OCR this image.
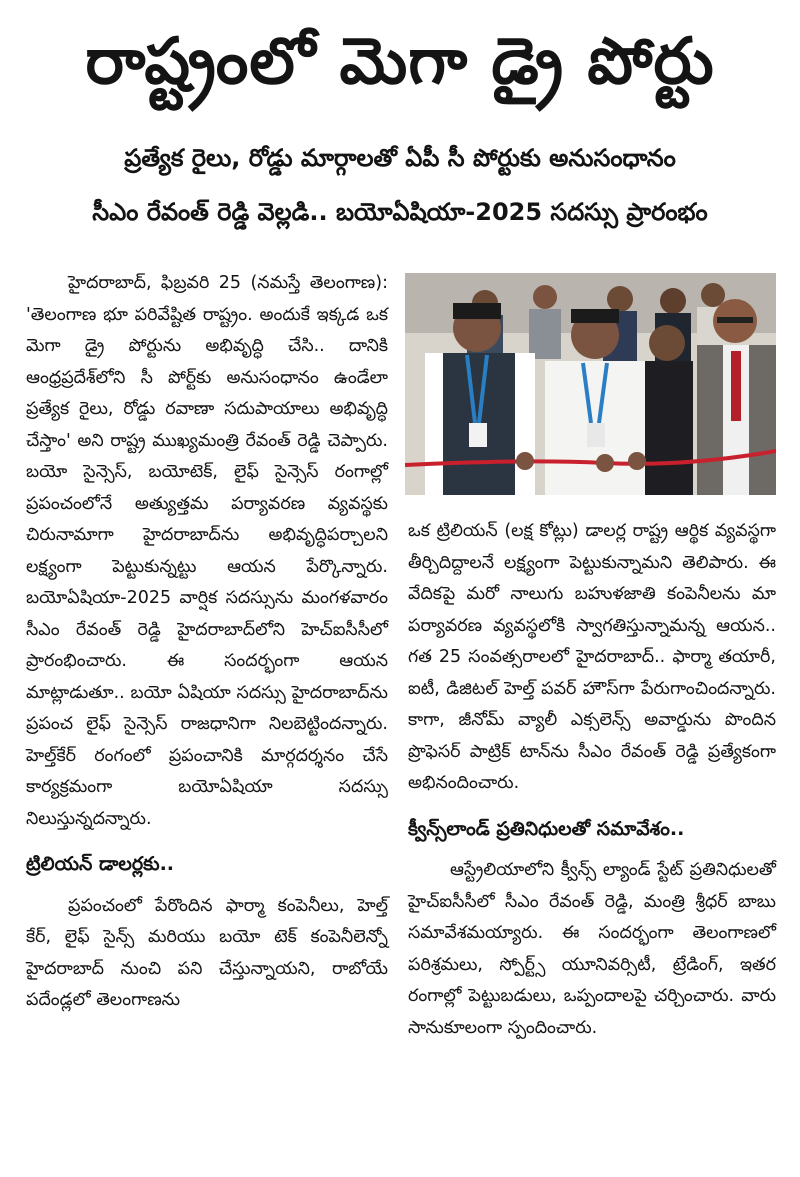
రాష్ట్రంలో మెగా డ్రై పోర్టు
ప్రత్యేక రైలు, రోడ్డు మార్గాలతో ఏపీ సీ పోర్టుకు అనుసంధానం
సీఎం రేవంత్ రెడ్డి వెల్లడి.. బయోఏషియా-2025 సదస్సు ప్రారంభం

హైదరాబాద్, ఫిబ్రవరి 25 (నమస్తే తెలంగాణ): 'తెలంగాణ భూ పరివేష్టిత రాష్ట్రం. అందుకే ఇక్కడ ఒక మెగా డ్రై పోర్టును అభివృద్ధి చేసి.. దానికి ఆంధ్రప్రదేశ్‌లోని సీ పోర్ట్‌కు అనుసంధానం ఉండేలా ప్రత్యేక రైలు, రోడ్డు రవాణా సదుపాయాలు అభివృద్ధి చేస్తాం' అని రాష్ట్ర ముఖ్యమంత్రి రేవంత్ రెడ్డి చెప్పారు. బయో సైన్సెస్, బయోటెక్, లైఫ్ సైన్సెస్ రంగాల్లో ప్రపంచంలోనే అత్యుత్తమ పర్యావరణ వ్యవస్థకు చిరునామాగా హైదరాబాద్‌ను అభివృద్ధిపర్చాలని లక్ష్యంగా పెట్టుకున్నట్టు ఆయన పేర్కొన్నారు. బయోఏషియా-2025 వార్షిక సదస్సును మంగళవారం సీఎం రేవంత్ రెడ్డి హైదరాబాద్‌లోని హెచ్ఐసీసీలో ప్రారంభించారు. ఈ సందర్భంగా ఆయన మాట్లాడుతూ.. బయో ఏషియా సదస్సు హైదరాబాద్‌ను ప్రపంచ లైఫ్ సైన్సెస్ రాజధానిగా నిలబెట్టిందన్నారు. హెల్త్‌కేర్ రంగంలో ప్రపంచానికి మార్గదర్శనం చేసే కార్యక్రమంగా బయోఏషియా సదస్సు నిలుస్తున్నదన్నారు.

ట్రిలియన్ డాలర్లకు..

ప్రపంచంలో పేరొందిన ఫార్మా కంపెనీలు, హెల్త్ కేర్, లైఫ్ సైన్స్ మరియు బయో టెక్ కంపెనీలెన్నో హైదరాబాద్ నుంచి పని చేస్తున్నాయని, రాబోయే పదేండ్లలో తెలంగాణను

ఒక ట్రిలియన్ (లక్ష కోట్లు) డాలర్ల రాష్ట్ర ఆర్థిక వ్యవస్థగా తీర్చిదిద్దాలనే లక్ష్యంగా పెట్టుకున్నామని తెలిపారు. ఈ వేదికపై మరో నాలుగు బహుళజాతి కంపెనీలను మా పర్యావరణ వ్యవస్థలోకి స్వాగతిస్తున్నామన్న ఆయన.. గత 25 సంవత్సరాలలో హైదరాబాద్.. ఫార్మా తయారీ, ఐటీ, డిజిటల్ హెల్త్ పవర్ హౌస్‌గా పేరుగాంచిందన్నారు. కాగా, జీనోమ్ వ్యాలీ ఎక్సలెన్స్ అవార్డును పొందిన ప్రొఫెసర్ పాట్రిక్ టాన్‌ను సీఎం రేవంత్ రెడ్డి ప్రత్యేకంగా అభినందించారు.

క్వీన్స్‌లాండ్ ప్రతినిధులతో సమావేశం..

ఆస్ట్రేలియాలోని క్వీన్స్ ల్యాండ్ స్టేట్ ప్రతినిధులతో హైచ్ఐసీసీలో సీఎం రేవంత్ రెడ్డి, మంత్రి శ్రీధర్ బాబు సమావేశమయ్యారు. ఈ సందర్భంగా తెలంగాణలో పరిశ్రమలు, స్పోర్ట్స్ యూనివర్సిటీ, ట్రేడింగ్, ఇతర రంగాల్లో పెట్టుబడులు, ఒప్పందాలపై చర్చించారు. వారు సానుకూలంగా స్పందించారు.
